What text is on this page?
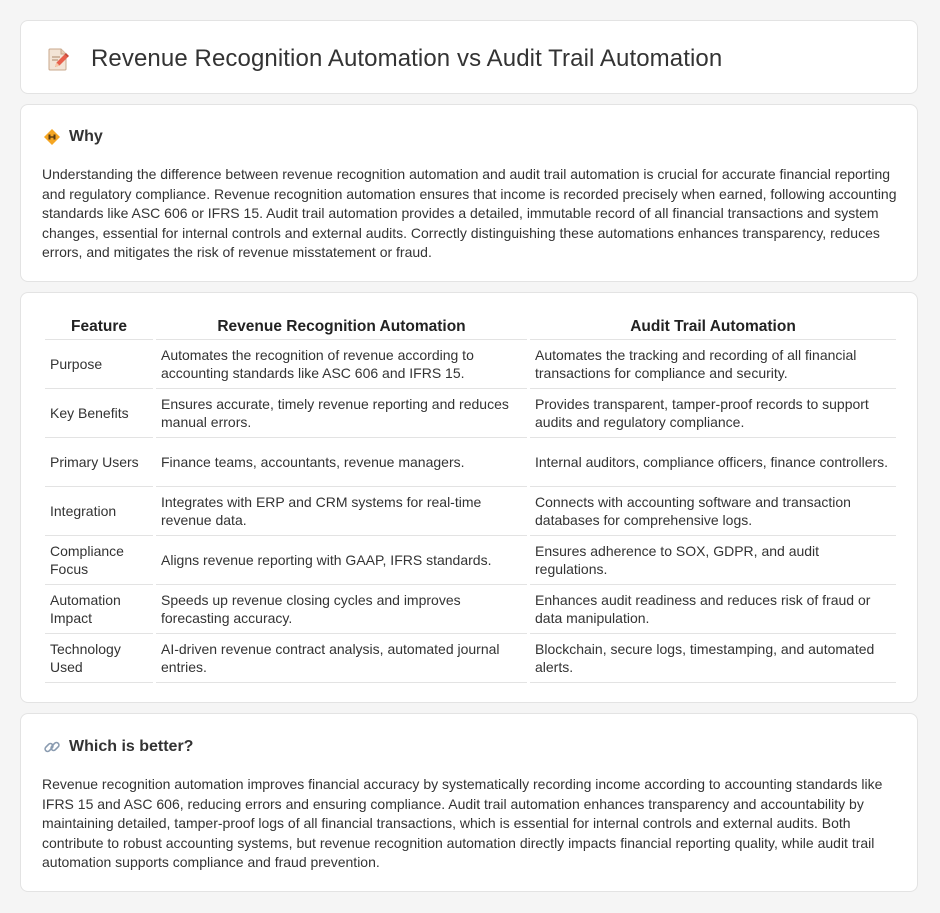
Revenue Recognition Automation vs Audit Trail Automation
Why

Understanding the difference between revenue recognition automation and audit trail automation is crucial for accurate financial reporting and regulatory compliance. Revenue recognition automation ensures that income is recorded precisely when earned, following accounting standards like ASC 606 or IFRS 15. Audit trail automation provides a detailed, immutable record of all financial transactions and system changes, essential for internal controls and external audits. Correctly distinguishing these automations enhances transparency, reduces errors, and mitigates the risk of revenue misstatement or fraud.

Feature	Revenue Recognition Automation	Audit Trail Automation
Purpose	Automates the recognition of revenue according to accounting standards like ASC 606 and IFRS 15.	Automates the tracking and recording of all financial transactions for compliance and security.
Key Benefits	Ensures accurate, timely revenue reporting and reduces manual errors.	Provides transparent, tamper-proof records to support audits and regulatory compliance.
Primary Users	Finance teams, accountants, revenue managers.	Internal auditors, compliance officers, finance controllers.
Integration	Integrates with ERP and CRM systems for real-time revenue data.	Connects with accounting software and transaction databases for comprehensive logs.
Compliance Focus	Aligns revenue reporting with GAAP, IFRS standards.	Ensures adherence to SOX, GDPR, and audit regulations.
Automation Impact	Speeds up revenue closing cycles and improves forecasting accuracy.	Enhances audit readiness and reduces risk of fraud or data manipulation.
Technology Used	AI-driven revenue contract analysis, automated journal entries.	Blockchain, secure logs, timestamping, and automated alerts.
Which is better?

Revenue recognition automation improves financial accuracy by systematically recording income according to accounting standards like IFRS 15 and ASC 606, reducing errors and ensuring compliance. Audit trail automation enhances transparency and accountability by maintaining detailed, tamper-proof logs of all financial transactions, which is essential for internal controls and external audits. Both contribute to robust accounting systems, but revenue recognition automation directly impacts financial reporting quality, while audit trail automation supports compliance and fraud prevention.
